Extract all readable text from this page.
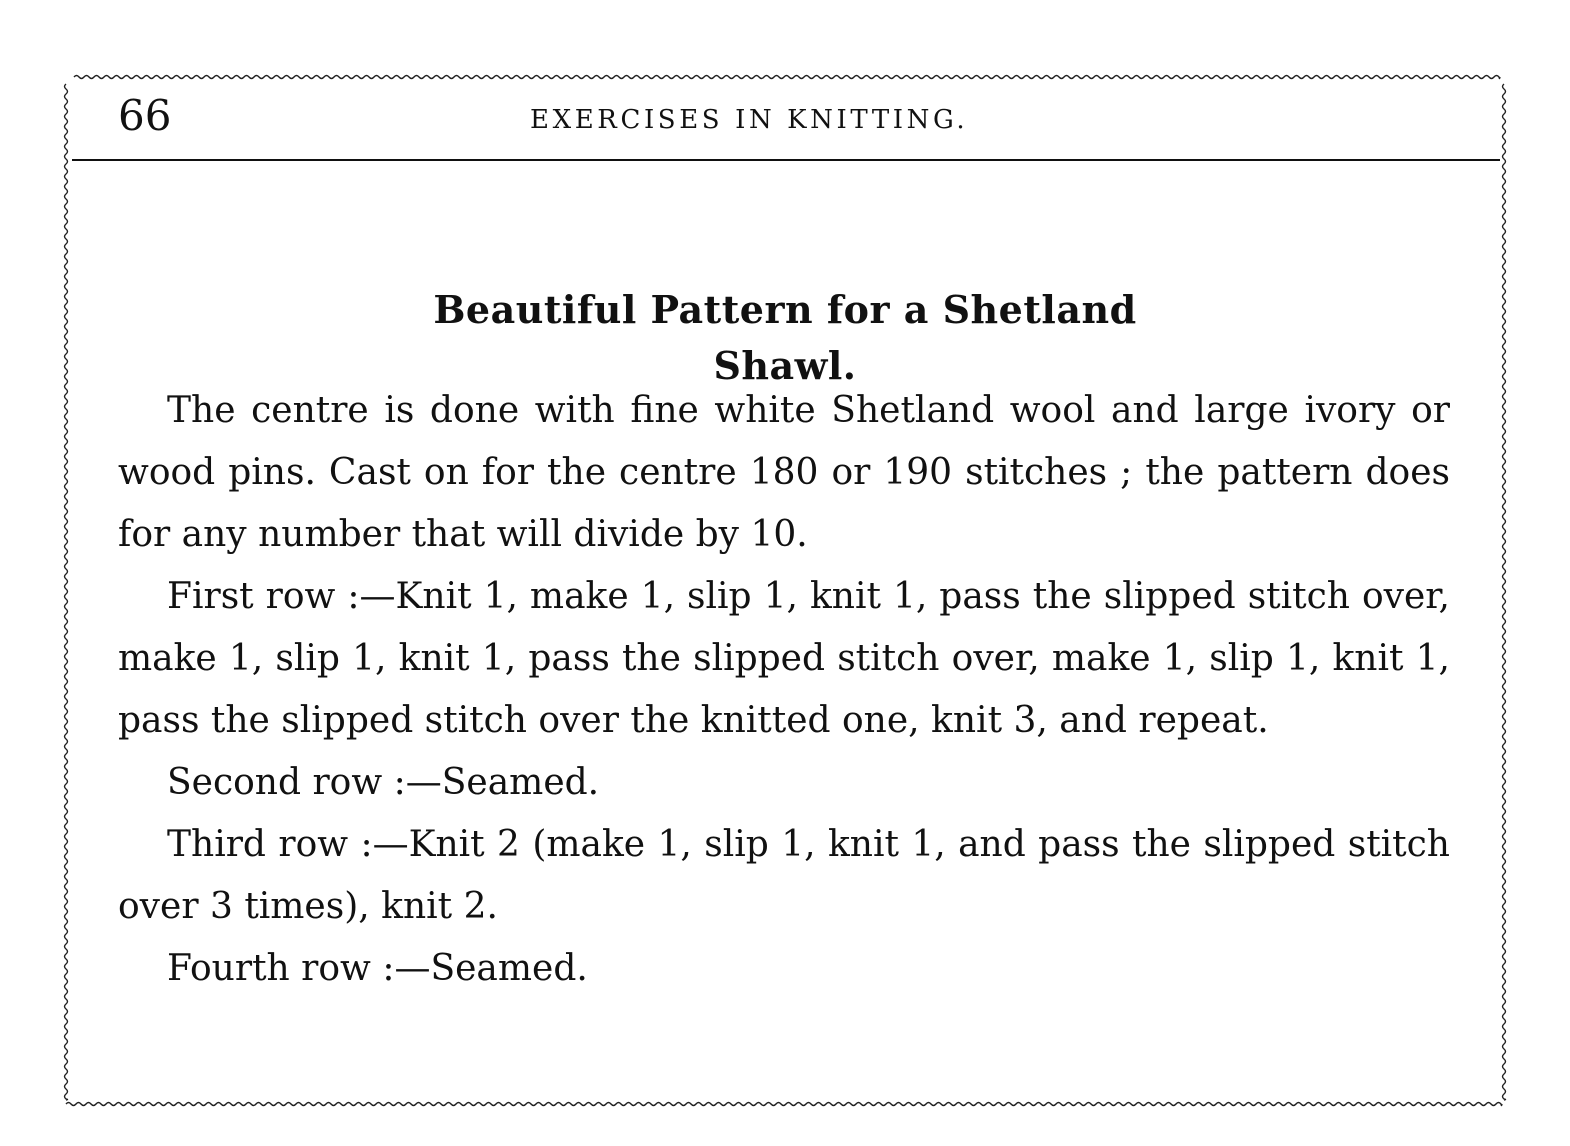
66	EXERCISES IN KNITTING.
Beautiful Pattern for a Shetland Shawl.

The centre is done with fine white Shetland wool and large ivory or wood pins. Cast on for the centre 180 or 190 stitches ; the pattern does for any number that will divide by 10.

First row :—Knit 1, make 1, slip 1, knit 1, pass the slipped stitch over, make 1, slip 1, knit 1, pass the slipped stitch over, make 1, slip 1, knit 1, pass the slipped stitch over the knitted one, knit 3, and repeat.

Second row :—Seamed.

Third row :—Knit 2 (make 1, slip 1, knit 1, and pass the slipped stitch over 3 times), knit 2.

Fourth row :—Seamed.
